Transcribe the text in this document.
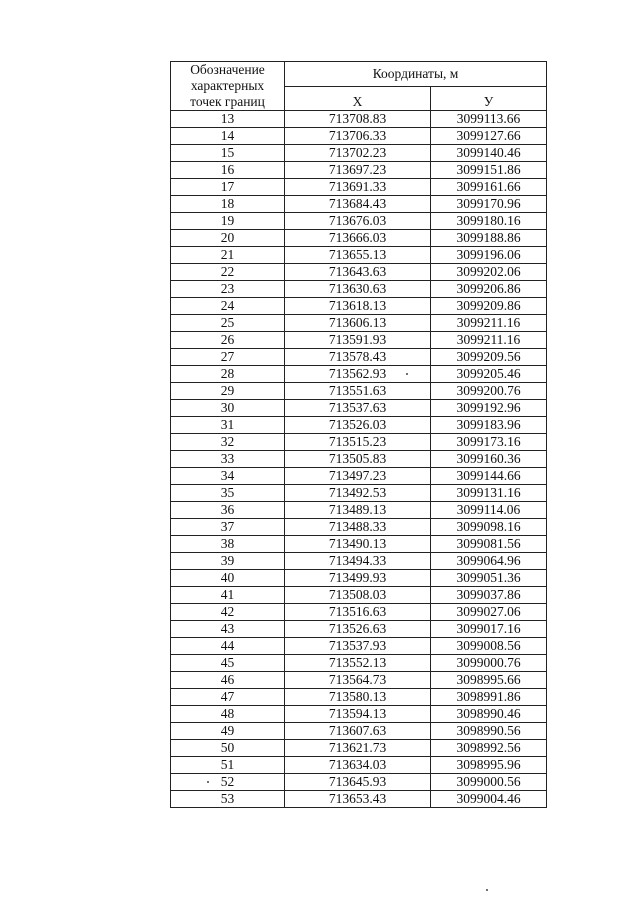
Обозначение
характерных
точек границ	Координаты, м	
	Х	У
13	713708.83	3099113.66
14	713706.33	3099127.66
15	713702.23	3099140.46
16	713697.23	3099151.86
17	713691.33	3099161.66
18	713684.43	3099170.96
19	713676.03	3099180.16
20	713666.03	3099188.86
21	713655.13	3099196.06
22	713643.63	3099202.06
23	713630.63	3099206.86
24	713618.13	3099209.86
25	713606.13	3099211.16
26	713591.93	3099211.16
27	713578.43	3099209.56
28	713562.93	3099205.46
29	713551.63	3099200.76
30	713537.63	3099192.96
31	713526.03	3099183.96
32	713515.23	3099173.16
33	713505.83	3099160.36
34	713497.23	3099144.66
35	713492.53	3099131.16
36	713489.13	3099114.06
37	713488.33	3099098.16
38	713490.13	3099081.56
39	713494.33	3099064.96
40	713499.93	3099051.36
41	713508.03	3099037.86
42	713516.63	3099027.06
43	713526.63	3099017.16
44	713537.93	3099008.56
45	713552.13	3099000.76
46	713564.73	3098995.66
47	713580.13	3098991.86
48	713594.13	3098990.46
49	713607.63	3098990.56
50	713621.73	3098992.56
51	713634.03	3098995.96
52	713645.93	3099000.56
53	713653.43	3099004.46
